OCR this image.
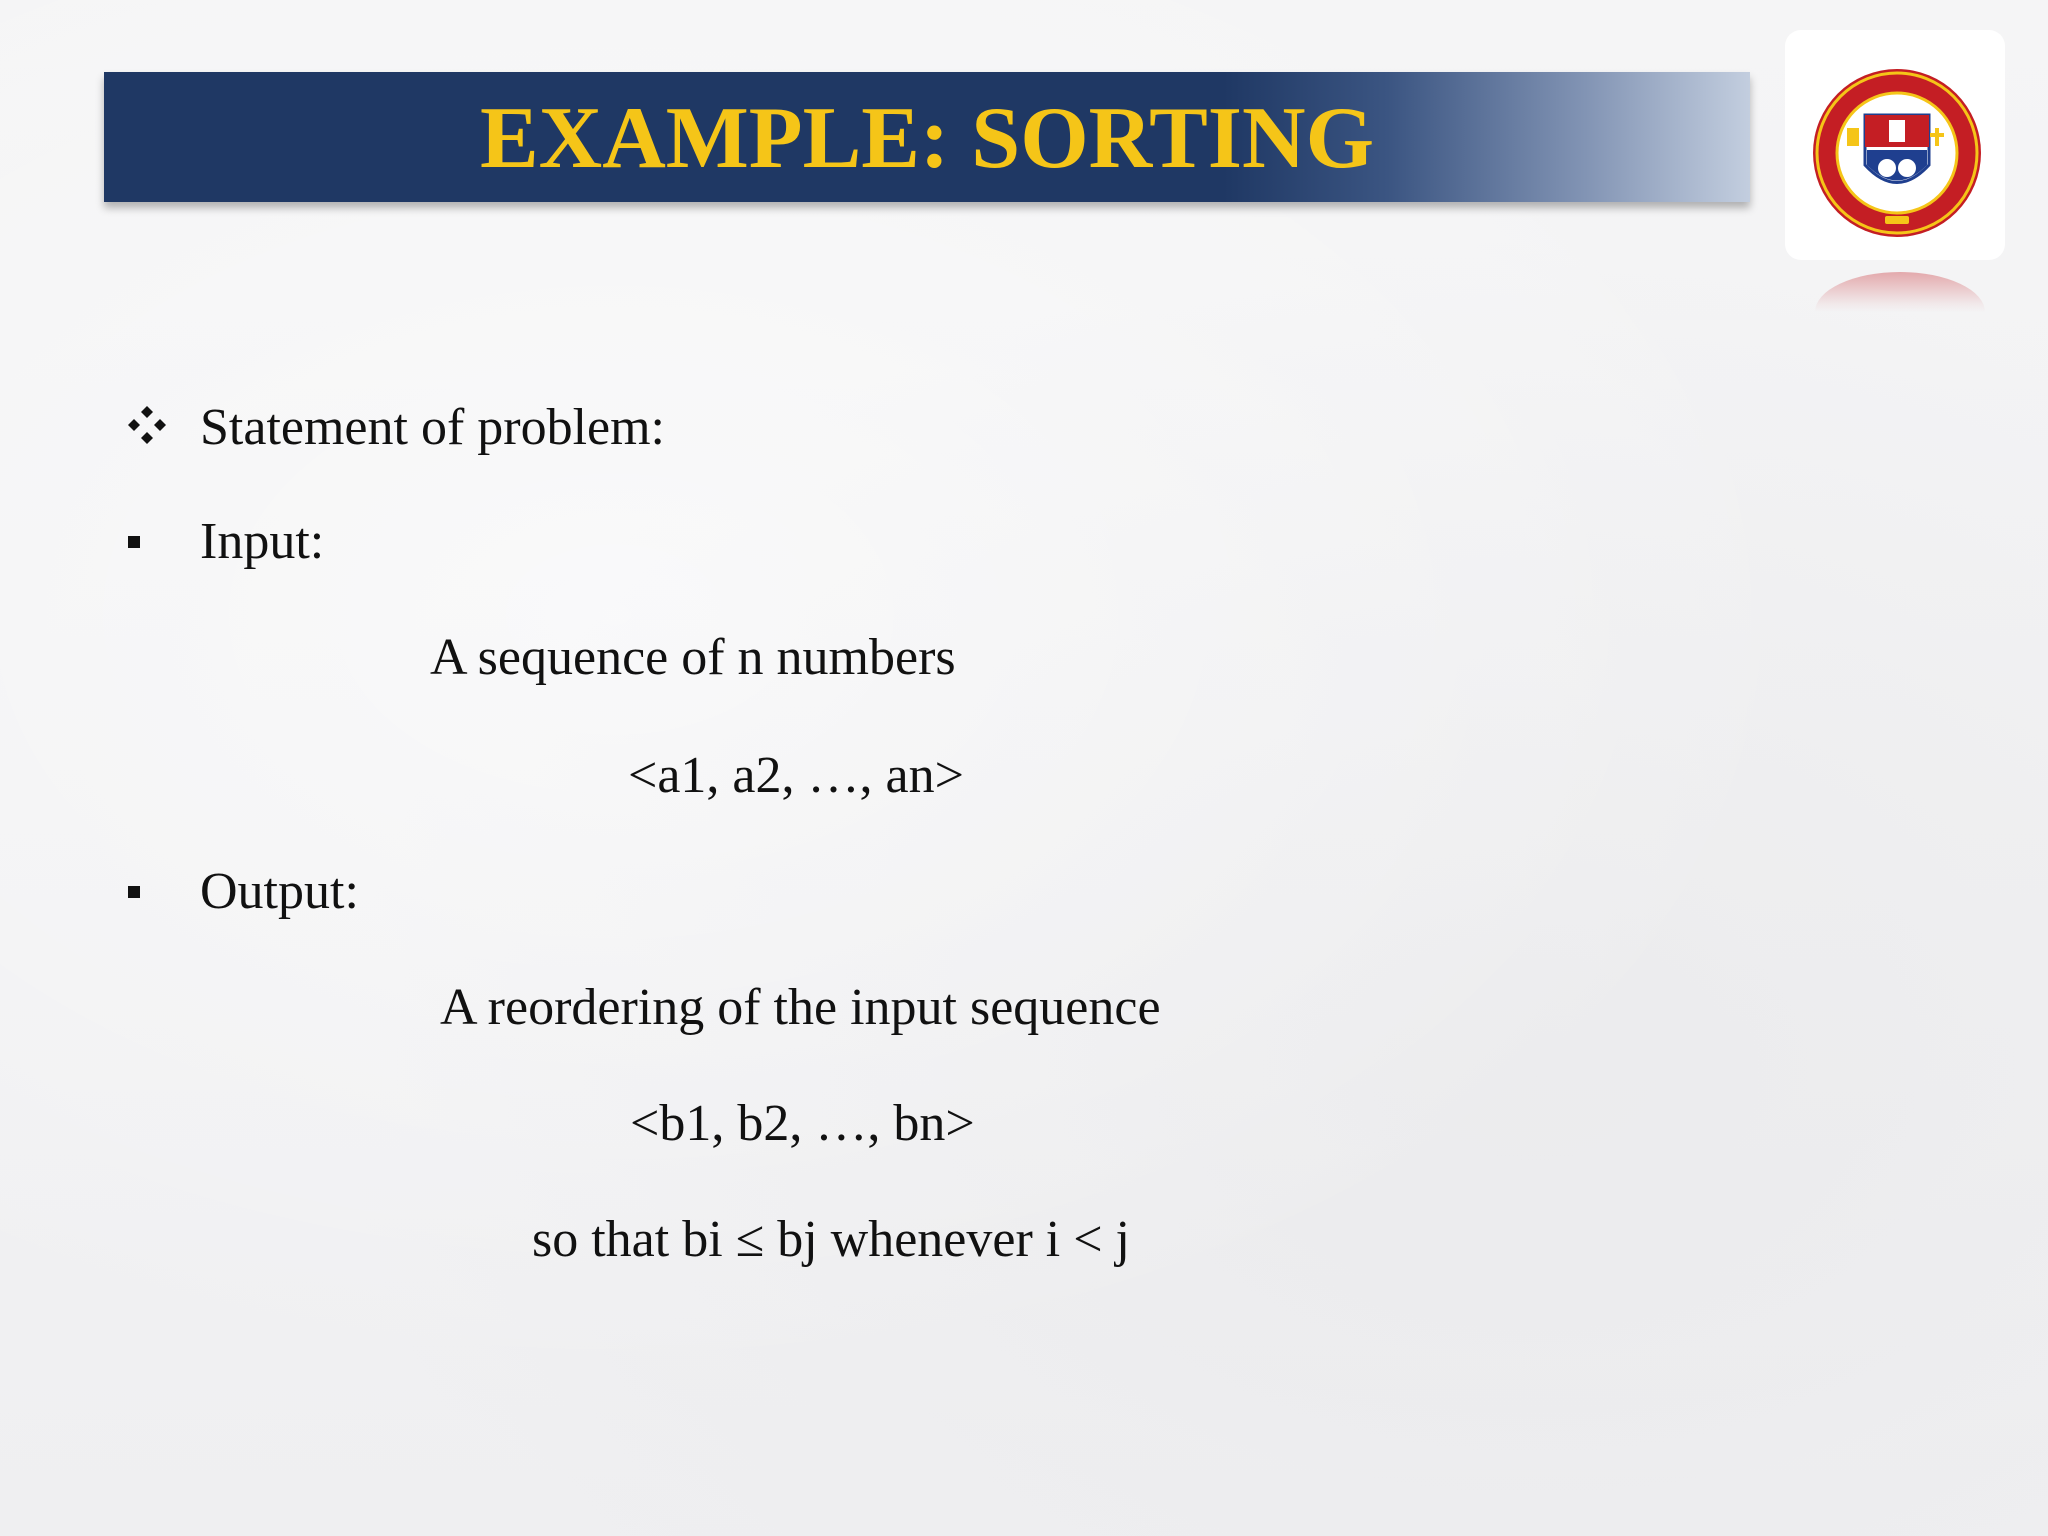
EXAMPLE: SORTING
Statement of problem:
Input:
A sequence of n numbers
<a1, a2, …, an>
Output:
A reordering of the input sequence
<b1, b2, …, bn>
so that bi ≤ bj whenever i < j
